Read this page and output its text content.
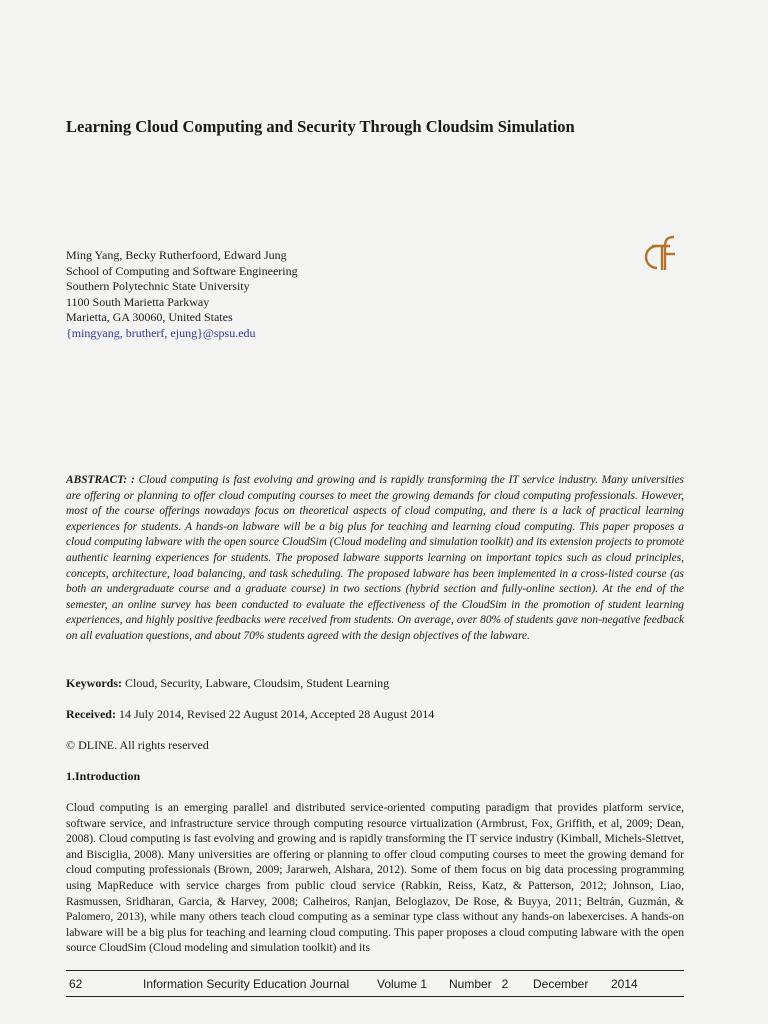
Learning Cloud Computing and Security Through Cloudsim Simulation
Ming Yang, Becky Rutherfoord, Edward Jung
School of Computing and Software Engineering
Southern Polytechnic State University
1100 South Marietta Parkway
Marietta, GA 30060, United States
{mingyang, brutherf, ejung}@spsu.edu

ABSTRACT: : Cloud computing is fast evolving and growing and is rapidly transforming the IT service industry. Many universities are offering or planning to offer cloud computing courses to meet the growing demands for cloud computing professionals. However, most of the course offerings nowadays focus on theoretical aspects of cloud computing, and there is a lack of practical learning experiences for students. A hands-on labware will be a big plus for teaching and learning cloud computing. This paper proposes a cloud computing labware with the open source CloudSim (Cloud modeling and simulation toolkit) and its extension projects to promote authentic learning experiences for students. The proposed labware supports learning on important topics such as cloud principles, concepts, architecture, load balancing, and task scheduling. The proposed labware has been implemented in a cross-listed course (as both an undergraduate course and a graduate course) in two sections (hybrid section and fully-online section). At the end of the semester, an online survey has been conducted to evaluate the effectiveness of the CloudSim in the promotion of student learning experiences, and highly positive feedbacks were received from students. On average, over 80% of students gave non-negative feedback on all evaluation questions, and about 70% students agreed with the design objectives of the labware.

Keywords: Cloud, Security, Labware, Cloudsim, Student Learning

Received: 14 July 2014, Revised 22 August 2014, Accepted 28 August 2014

© DLINE. All rights reserved

1.Introduction

Cloud computing is an emerging parallel and distributed service-oriented computing paradigm that provides platform service, software service, and infrastructure service through computing resource virtualization (Armbrust, Fox, Griffith, et al, 2009; Dean, 2008). Cloud computing is fast evolving and growing and is rapidly transforming the IT service industry (Kimball, Michels-Slettvet, and Bisciglia, 2008). Many universities are offering or planning to offer cloud computing courses to meet the growing demand for cloud computing professionals (Brown, 2009; Jararweh, Alshara, 2012). Some of them focus on big data processing programming using MapReduce with service charges from public cloud service (Rabkin, Reiss, Katz, & Patterson, 2012; Johnson, Liao, Rasmussen, Sridharan, Garcia, & Harvey, 2008; Calheiros, Ranjan, Beloglazov, De Rose, & Buyya, 2011; Beltrán, Guzmán, & Palomero, 2013), while many others teach cloud computing as a seminar type class without any hands-on labexercises. A hands-on labware will be a big plus for teaching and learning cloud computing. This paper proposes a cloud computing labware with the open source CloudSim (Cloud modeling and simulation toolkit) and its

62	Information Security Education Journal Volume 1 Number   2 December 2014
